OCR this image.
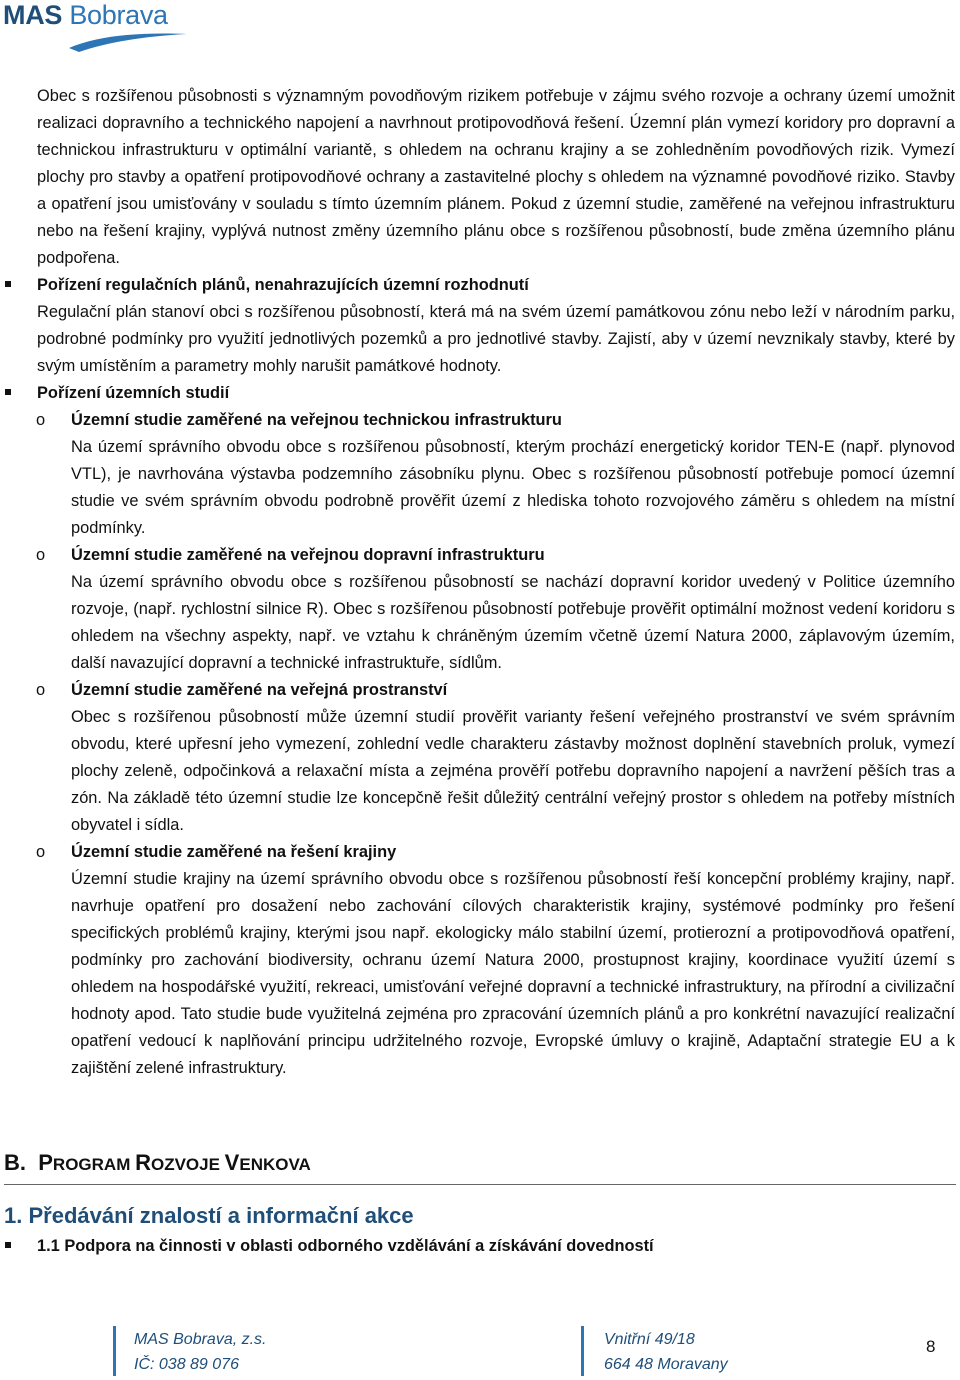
MAS Bobrava

Obec s rozšířenou působnosti s významným povodňovým rizikem potřebuje v zájmu svého rozvoje a ochrany území umožnit realizaci dopravního a technického napojení a navrhnout protipovodňová řešení. Územní plán vymezí koridory pro dopravní a technickou infrastrukturu v optimální variantě, s ohledem na ochranu krajiny a se zohledněním povodňových rizik. Vymezí plochy pro stavby a opatření protipovodňové ochrany a zastavitelné plochy s ohledem na významné povodňové riziko. Stavby a opatření jsou umisťovány v souladu s tímto územním plánem. Pokud z územní studie, zaměřené na veřejnou infrastrukturu nebo na řešení krajiny, vyplývá nutnost změny územního plánu obce s rozšířenou působností, bude změna územního plánu podpořena.

Pořízení regulačních plánů, nenahrazujících územní rozhodnutí

Regulační plán stanoví obci s rozšířenou působností, která má na svém území památkovou zónu nebo leží v národním parku, podrobné podmínky pro využití jednotlivých pozemků a pro jednotlivé stavby. Zajistí, aby v území nevznikaly stavby, které by svým umístěním a parametry mohly narušit památkové hodnoty.

Pořízení územních studií
o Územní studie zaměřené na veřejnou technickou infrastrukturu

Na území správního obvodu obce s rozšířenou působností, kterým prochází energetický koridor TEN-E (např. plynovod VTL), je navrhována výstavba podzemního zásobníku plynu. Obec s rozšířenou působností potřebuje pomocí územní studie ve svém správním obvodu podrobně prověřit území z hlediska tohoto rozvojového záměru s ohledem na místní podmínky.

o Územní studie zaměřené na veřejnou dopravní infrastrukturu

Na území správního obvodu obce s rozšířenou působností se nachází dopravní koridor uvedený v Politice územního rozvoje, (např. rychlostní silnice R). Obec s rozšířenou působností potřebuje prověřit optimální možnost vedení koridoru s ohledem na všechny aspekty, např. ve vztahu k chráněným územím včetně území Natura 2000, záplavovým územím, další navazující dopravní a technické infrastruktuře, sídlům.

o Územní studie zaměřené na veřejná prostranství

Obec s rozšířenou působností může územní studií prověřit varianty řešení veřejného prostranství ve svém správním obvodu, které upřesní jeho vymezení, zohlední vedle charakteru zástavby možnost doplnění stavebních proluk, vymezí plochy zeleně, odpočinková a relaxační místa a zejména prověří potřebu dopravního napojení a navržení pěších tras a zón. Na základě této územní studie lze koncepčně řešit důležitý centrální veřejný prostor s ohledem na potřeby místních obyvatel i sídla.

o Územní studie zaměřené na řešení krajiny

Územní studie krajiny na území správního obvodu obce s rozšířenou působností řeší koncepční problémy krajiny, např. navrhuje opatření pro dosažení nebo zachování cílových charakteristik krajiny, systémové podmínky pro řešení specifických problémů krajiny, kterými jsou např. ekologicky málo stabilní území, protierozní a protipovodňová opatření, podmínky pro zachování biodiversity, ochranu území Natura 2000, prostupnost krajiny, koordinace využití území s ohledem na hospodářské využití, rekreaci, umisťování veřejné dopravní a technické infrastruktury, na přírodní a civilizační hodnoty apod. Tato studie bude využitelná zejména pro zpracování územních plánů a pro konkrétní navazující realizační opatření vedoucí k naplňování principu udržitelného rozvoje, Evropské úmluvy o krajině, Adaptační strategie EU a k zajištění zelené infrastruktury.

B. PROGRAM ROZVOJE VENKOVA
1. Předávání znalostí a informační akce
1.1 Podpora na činnosti v oblasti odborného vzdělávání a získávání dovedností
MAS Bobrava, z.s.
IČ: 038 89 076
Vnitřní 49/18
664 48 Moravany
8
